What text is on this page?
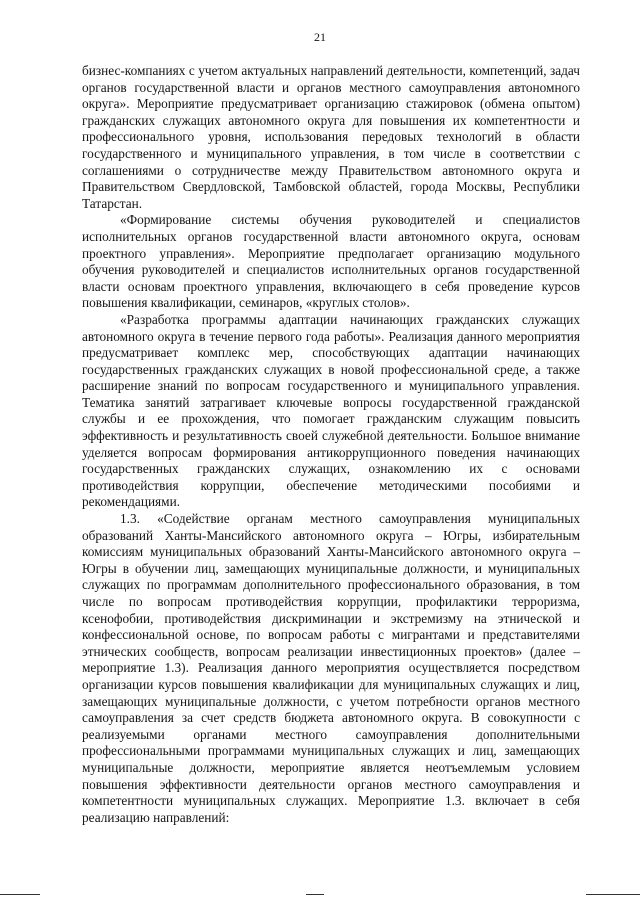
21

бизнес-компаниях с учетом актуальных направлений деятельности, компетенций, задач органов государственной власти и органов местного самоуправления автономного округа». Мероприятие предусматривает организацию стажировок (обмена опытом) гражданских служащих автономного округа для повышения их компетентности и профессионального уровня, использования передовых технологий в области государственного и муниципального управления, в том числе в соответствии с соглашениями о сотрудничестве между Правительством автономного округа и Правительством Свердловской, Тамбовской областей, города Москвы, Республики Татарстан.

«Формирование системы обучения руководителей и специалистов исполнительных органов государственной власти автономного округа, основам проектного управления». Мероприятие предполагает организацию модульного обучения руководителей и специалистов исполнительных органов государственной власти основам проектного управления, включающего в себя проведение курсов повышения квалификации, семинаров, «круглых столов».

«Разработка программы адаптации начинающих гражданских служащих автономного округа в течение первого года работы». Реализация данного мероприятия предусматривает комплекс мер, способствующих адаптации начинающих государственных гражданских служащих в новой профессиональной среде, а также расширение знаний по вопросам государственного и муниципального управления. Тематика занятий затрагивает ключевые вопросы государственной гражданской службы и ее прохождения, что помогает гражданским служащим повысить эффективность и результативность своей служебной деятельности. Большое внимание уделяется вопросам формирования антикоррупционного поведения начинающих государственных гражданских служащих, ознакомлению их с основами противодействия коррупции, обеспечение методическими пособиями и рекомендациями.

1.3. «Содействие органам местного самоуправления муниципальных образований Ханты-Мансийского автономного округа – Югры, избирательным комиссиям муниципальных образований Ханты-Мансийского автономного округа – Югры в обучении лиц, замещающих муниципальные должности, и муниципальных служащих по программам дополнительного профессионального образования, в том числе по вопросам противодействия коррупции, профилактики терроризма, ксенофобии, противодействия дискриминации и экстремизму на этнической и конфессиональной основе, по вопросам работы с мигрантами и представителями этнических сообществ, вопросам реализации инвестиционных проектов» (далее – мероприятие 1.3). Реализация данного мероприятия осуществляется посредством организации курсов повышения квалификации для муниципальных служащих и лиц, замещающих муниципальные должности, с учетом потребности органов местного самоуправления за счет средств бюджета автономного округа. В совокупности с реализуемыми органами местного самоуправления дополнительными профессиональными программами муниципальных служащих и лиц, замещающих муниципальные должности, мероприятие является неотъемлемым условием повышения эффективности деятельности органов местного самоуправления и компетентности муниципальных служащих. Мероприятие 1.3. включает в себя реализацию направлений:
